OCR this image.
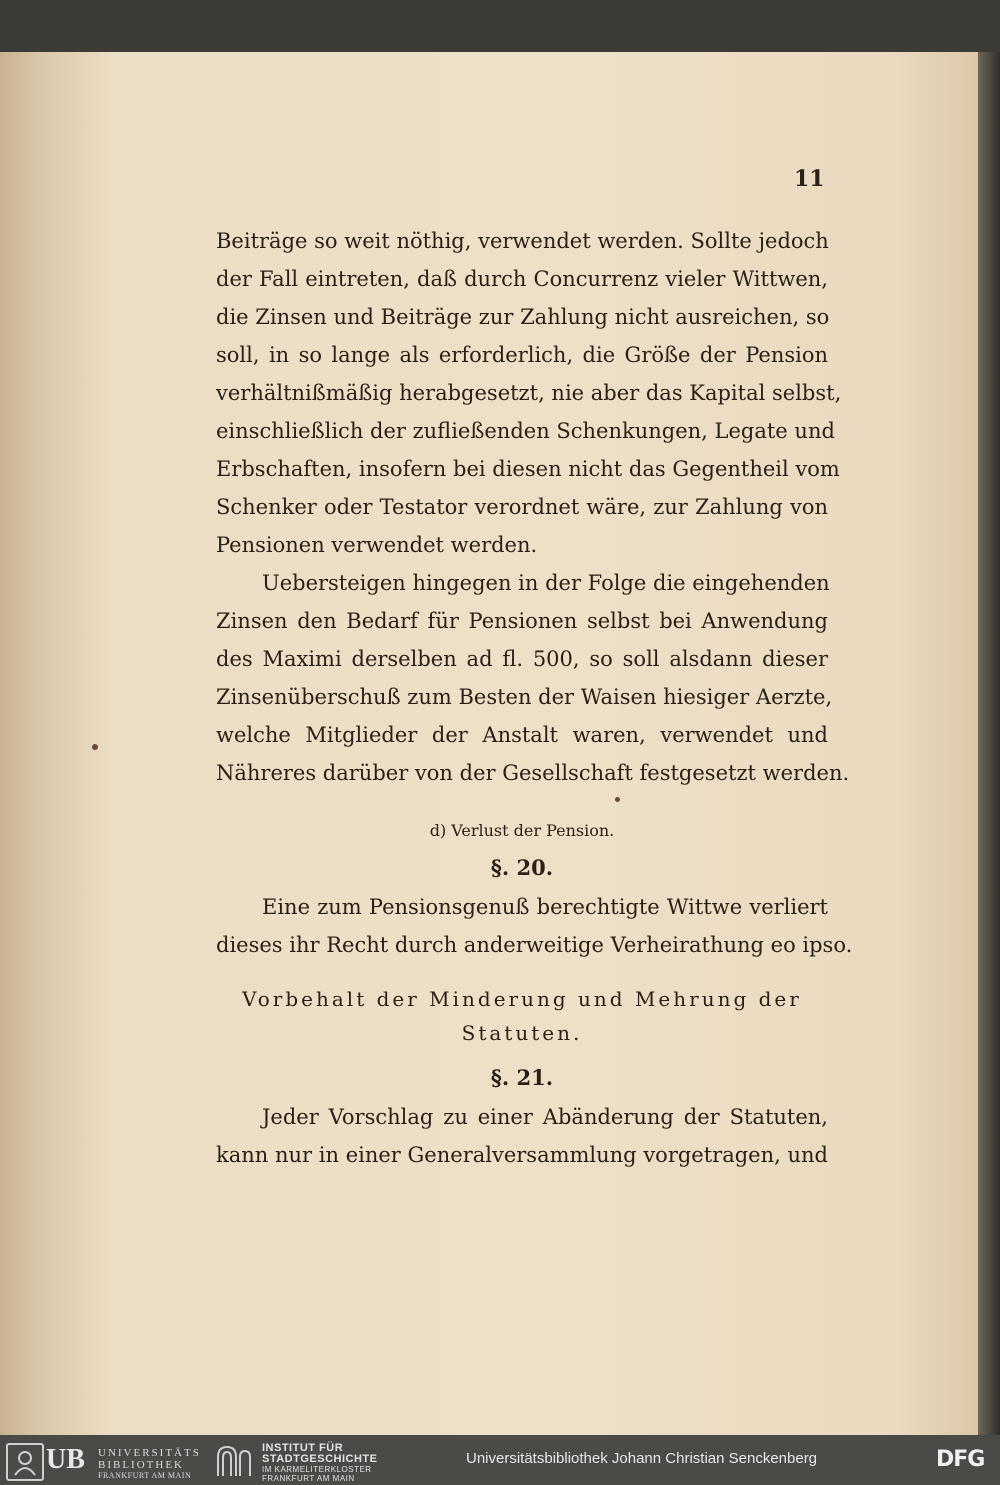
11
Beiträge so weit nöthig, verwendet werden. Sollte jedoch
der Fall eintreten, daß durch Concurrenz vieler Wittwen,
die Zinsen und Beiträge zur Zahlung nicht ausreichen, so
soll, in so lange als erforderlich, die Größe der Pension
verhältnißmäßig herabgesetzt, nie aber das Kapital selbst,
einschließlich der zufließenden Schenkungen, Legate und
Erbschaften, insofern bei diesen nicht das Gegentheil vom
Schenker oder Testator verordnet wäre, zur Zahlung von
Pensionen verwendet werden.
Uebersteigen hingegen in der Folge die eingehenden
Zinsen den Bedarf für Pensionen selbst bei Anwendung
des Maximi derselben ad fl. 500, so soll alsdann dieser
Zinsenüberschuß zum Besten der Waisen hiesiger Aerzte,
welche Mitglieder der Anstalt waren, verwendet und
Nähreres darüber von der Gesellschaft festgesetzt werden.
d) Verlust der Pension.
§. 20.
Eine zum Pensionsgenuß berechtigte Wittwe verliert
dieses ihr Recht durch anderweitige Verheirathung eo ipso.
Vorbehalt der Minderung und Mehrung der
Statuten.
§. 21.
Jeder Vorschlag zu einer Abänderung der Statuten,
kann nur in einer Generalversammlung vorgetragen, und
UB UNIVERSITÄTS
BIBLIOTHEK
FRANKFURT AM MAIN
INSTITUT FÜR
STADTGESCHICHTE
IM KARMELITERKLOSTER
FRANKFURT AM MAIN
Universitätsbibliothek Johann Christian Senckenberg	DFG
